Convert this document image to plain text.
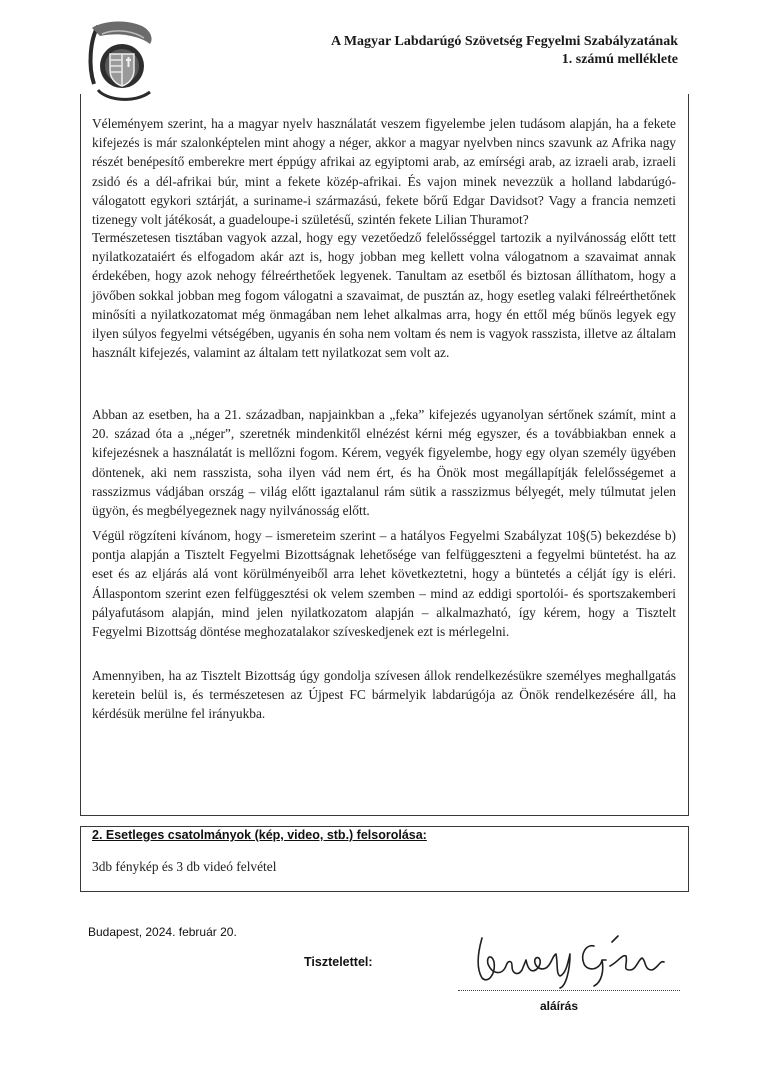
A Magyar Labdarúgó Szövetség Fegyelmi Szabályzatának
1. számú melléklete

Véleményem szerint, ha a magyar nyelv használatát veszem figyelembe jelen tudásom alapján, ha a fekete kifejezés is már szalonképtelen mint ahogy a néger, akkor a magyar nyelvben nincs szavunk az Afrika nagy részét benépesítő emberekre mert éppúgy afrikai az egyiptomi arab, az emírségi arab, az izraeli arab, izraeli zsidó és a dél-afrikai búr, mint a fekete közép-afrikai. És vajon minek nevezzük a holland labdarúgó-válogatott egykori sztárját, a suriname-i származású, fekete bőrű Edgar Davidsot? Vagy a francia nemzeti tizenegy volt játékosát, a guadeloupe-i születésű, szintén fekete Lilian Thuramot?

Természetesen tisztában vagyok azzal, hogy egy vezetőedző felelősséggel tartozik a nyilvánosság előtt tett nyilatkozataiért és elfogadom akár azt is, hogy jobban meg kellett volna válogatnom a szavaimat annak érdekében, hogy azok nehogy félreérthetőek legyenek. Tanultam az esetből és biztosan állíthatom, hogy a jövőben sokkal jobban meg fogom válogatni a szavaimat, de pusztán az, hogy esetleg valaki félreérthetőnek minősíti a nyilatkozatomat még önmagában nem lehet alkalmas arra, hogy én ettől még bűnös legyek egy ilyen súlyos fegyelmi vétségében, ugyanis én soha nem voltam és nem is vagyok rasszista, illetve az általam használt kifejezés, valamint az általam tett nyilatkozat sem volt az.

Abban az esetben, ha a 21. században, napjainkban a „feka” kifejezés ugyanolyan sértőnek számít, mint a 20. század óta a „néger”, szeretnék mindenkitől elnézést kérni még egyszer, és a továbbiakban ennek a kifejezésnek a használatát is mellőzni fogom. Kérem, vegyék figyelembe, hogy egy olyan személy ügyében döntenek, aki nem rasszista, soha ilyen vád nem ért, és ha Önök most megállapítják felelősségemet a rasszizmus vádjában ország – világ előtt igaztalanul rám sütik a rasszizmus bélyegét, mely túlmutat jelen ügyön, és megbélyegeznek nagy nyilvánosság előtt.

Végül rögzíteni kívánom, hogy – ismereteim szerint – a hatályos Fegyelmi Szabályzat 10§(5) bekezdése b) pontja alapján a Tisztelt Fegyelmi Bizottságnak lehetősége van felfüggeszteni a fegyelmi büntetést. ha az eset és az eljárás alá vont körülményeiből arra lehet következtetni, hogy a büntetés a célját így is eléri. Állaspontom szerint ezen felfüggesztési ok velem szemben – mind az eddigi sportolói- és sportszakemberi pályafutásom alapján, mind jelen nyilatkozatom alapján – alkalmazható, így kérem, hogy a Tisztelt Fegyelmi Bizottság döntése meghozatalakor szíveskedjenek ezt is mérlegelni.

Amennyiben, ha az Tisztelt Bizottság úgy gondolja szívesen állok rendelkezésükre személyes meghallgatás keretein belül is, és természetesen az Újpest FC bármelyik labdarúgója az Önök rendelkezésére áll, ha kérdésük merülne fel irányukba.

2. Esetleges csatolmányok (kép, video, stb.) felsorolása:
3db fénykép és 3 db videó felvétel
Budapest, 2024. február 20.
Tisztelettel:
aláírás
